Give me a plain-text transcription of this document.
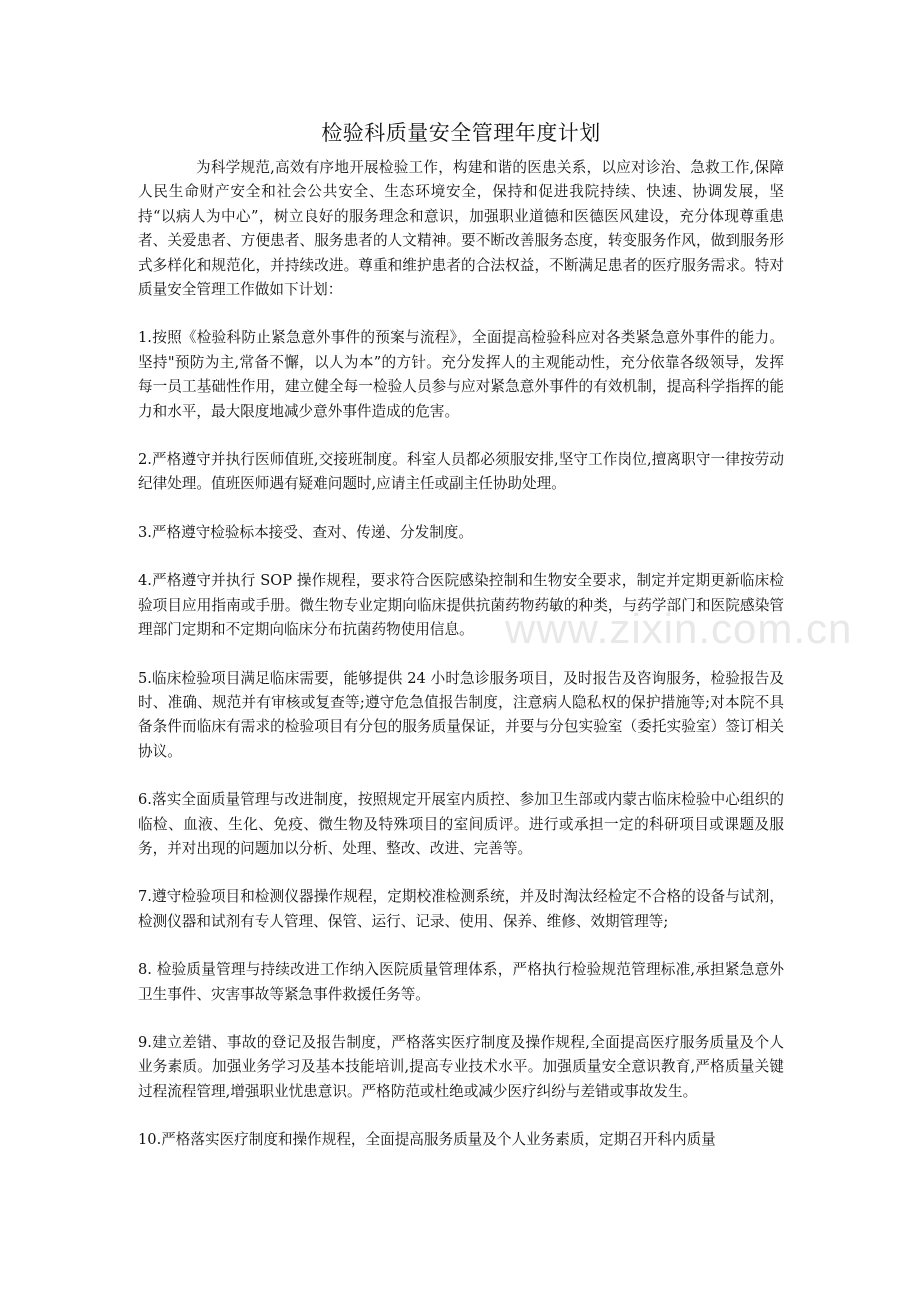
www.zixin.com.cn
检验科质量安全管理年度计划

为科学规范,高效有序地开展检验工作，构建和谐的医患关系，以应对诊治、急救工作,保障人民生命财产安全和社会公共安全、生态环境安全，保持和促进我院持续、快速、协调发展，坚持“以病人为中心”，树立良好的服务理念和意识，加强职业道德和医德医风建设，充分体现尊重患者、关爱患者、方便患者、服务患者的人文精神。要不断改善服务态度，转变服务作风，做到服务形式多样化和规范化，并持续改进。尊重和维护患者的合法权益，不断满足患者的医疗服务需求。特对质量安全管理工作做如下计划：

1.按照《检验科防止紧急意外事件的预案与流程》，全面提高检验科应对各类紧急意外事件的能力。坚持"预防为主,常备不懈，以人为本”的方针。充分发挥人的主观能动性，充分依靠各级领导，发挥每一员工基础性作用，建立健全每一检验人员参与应对紧急意外事件的有效机制，提高科学指挥的能力和水平，最大限度地减少意外事件造成的危害。

2.严格遵守并执行医师值班,交接班制度。科室人员都必须服安排,坚守工作岗位,擅离职守一律按劳动纪律处理。值班医师遇有疑难问题时,应请主任或副主任协助处理。

3.严格遵守检验标本接受、查对、传递、分发制度。

4.严格遵守并执行 SOP 操作规程，要求符合医院感染控制和生物安全要求，制定并定期更新临床检验项目应用指南或手册。微生物专业定期向临床提供抗菌药物药敏的种类，与药学部门和医院感染管理部门定期和不定期向临床分布抗菌药物使用信息。

5.临床检验项目满足临床需要，能够提供 24 小时急诊服务项目，及时报告及咨询服务，检验报告及时、准确、规范并有审核或复查等;遵守危急值报告制度，注意病人隐私权的保护措施等;对本院不具备条件而临床有需求的检验项目有分包的服务质量保证，并要与分包实验室（委托实验室）签订相关协议。

6.落实全面质量管理与改进制度，按照规定开展室内质控、参加卫生部或内蒙古临床检验中心组织的临检、血液、生化、免疫、微生物及特殊项目的室间质评。进行或承担一定的科研项目或课题及服务，并对出现的问题加以分析、处理、整改、改进、完善等。

7.遵守检验项目和检测仪器操作规程，定期校准检测系统，并及时淘汰经检定不合格的设备与试剂，检测仪器和试剂有专人管理、保管、运行、记录、使用、保养、维修、效期管理等;

8. 检验质量管理与持续改进工作纳入医院质量管理体系，严格执行检验规范管理标准,承担紧急意外卫生事件、灾害事故等紧急事件救援任务等。

9.建立差错、事故的登记及报告制度，严格落实医疗制度及操作规程,全面提高医疗服务质量及个人业务素质。加强业务学习及基本技能培训,提高专业技术水平。加强质量安全意识教育,严格质量关键过程流程管理,增强职业忧患意识。严格防范或杜绝或减少医疗纠纷与差错或事故发生。

10.严格落实医疗制度和操作规程，全面提高服务质量及个人业务素质，定期召开科内质量
